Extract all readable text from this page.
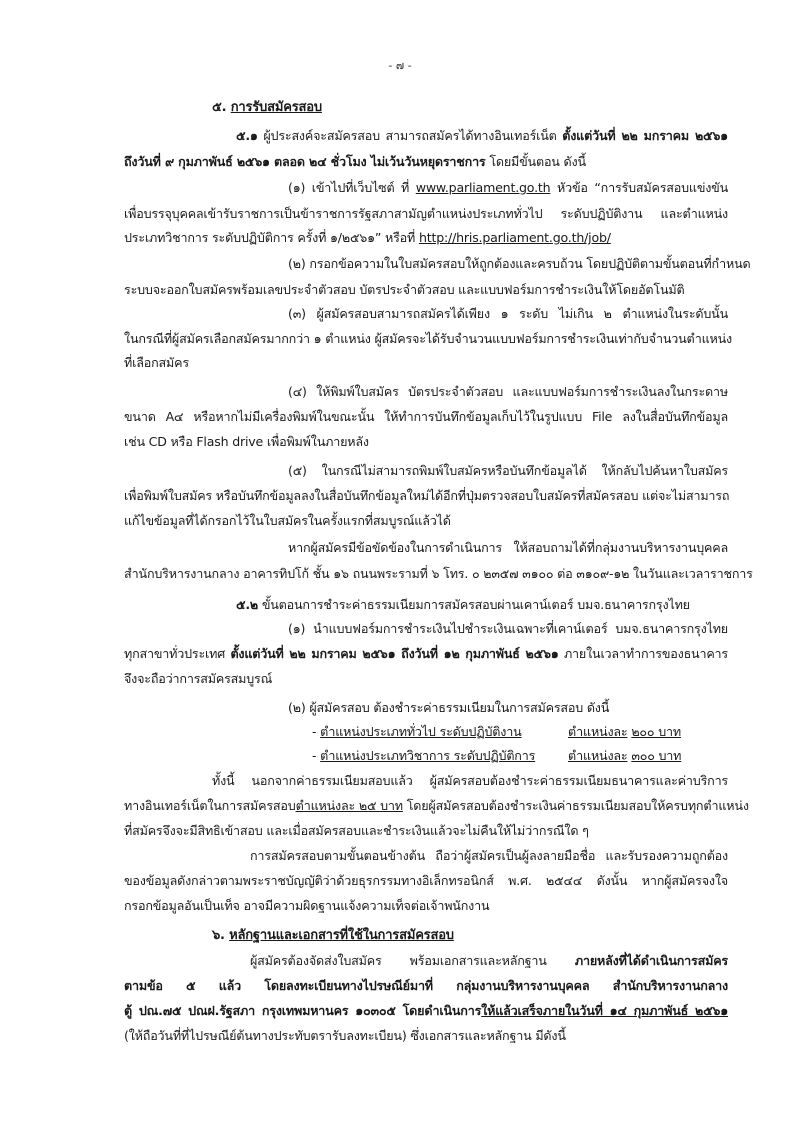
- ๗ -
๕. การรับสมัครสอบ
๕.๑ ผู้ประสงค์จะสมัครสอบ สามารถสมัครได้ทางอินเทอร์เน็ต ตั้งแต่วันที่ ๒๒ มกราคม ๒๕๖๑
ถึงวันที่ ๙ กุมภาพันธ์ ๒๕๖๑ ตลอด ๒๔ ชั่วโมง ไม่เว้นวันหยุดราชการ โดยมีขั้นตอน ดังนี้
(๑) เข้าไปที่เว็บไซต์ ที่ www.parliament.go.th หัวข้อ “การรับสมัครสอบแข่งขัน
เพื่อบรรจุบุคคลเข้ารับราชการเป็นข้าราชการรัฐสภาสามัญตำแหน่งประเภททั่วไป ระดับปฏิบัติงาน และตำแหน่ง
ประเภทวิชาการ ระดับปฏิบัติการ ครั้งที่ ๑/๒๕๖๑” หรือที่ http://hris.parliament.go.th/job/
(๒) กรอกข้อความในใบสมัครสอบให้ถูกต้องและครบถ้วน โดยปฏิบัติตามขั้นตอนที่กำหนด
ระบบจะออกใบสมัครพร้อมเลขประจำตัวสอบ บัตรประจำตัวสอบ และแบบฟอร์มการชำระเงินให้โดยอัตโนมัติ
(๓) ผู้สมัครสอบสามารถสมัครได้เพียง ๑ ระดับ ไม่เกิน ๒ ตำแหน่งในระดับนั้น
ในกรณีที่ผู้สมัครเลือกสมัครมากกว่า ๑ ตำแหน่ง ผู้สมัครจะได้รับจำนวนแบบฟอร์มการชำระเงินเท่ากับจำนวนตำแหน่ง
ที่เลือกสมัคร
(๔) ให้พิมพ์ใบสมัคร บัตรประจำตัวสอบ และแบบฟอร์มการชำระเงินลงในกระดาษ
ขนาด A๔ หรือหากไม่มีเครื่องพิมพ์ในขณะนั้น ให้ทำการบันทึกข้อมูลเก็บไว้ในรูปแบบ File ลงในสื่อบันทึกข้อมูล
เช่น CD หรือ Flash drive เพื่อพิมพ์ในภายหลัง
(๕) ในกรณีไม่สามารถพิมพ์ใบสมัครหรือบันทึกข้อมูลได้ ให้กลับไปค้นหาใบสมัคร
เพื่อพิมพ์ใบสมัคร หรือบันทึกข้อมูลลงในสื่อบันทึกข้อมูลใหม่ได้อีกที่ปุ่มตรวจสอบใบสมัครที่สมัครสอบ แต่จะไม่สามารถ
แก้ไขข้อมูลที่ได้กรอกไว้ในใบสมัครในครั้งแรกที่สมบูรณ์แล้วได้
หากผู้สมัครมีข้อขัดข้องในการดำเนินการ ให้สอบถามได้ที่กลุ่มงานบริหารงานบุคคล
สำนักบริหารงานกลาง อาคารทิปโก้ ชั้น ๑๖ ถนนพระรามที่ ๖ โทร. ๐ ๒๓๕๗ ๓๑๐๐ ต่อ ๓๑๐๙-๑๒ ในวันและเวลาราชการ
๕.๒ ขั้นตอนการชำระค่าธรรมเนียมการสมัครสอบผ่านเคาน์เตอร์ บมจ.ธนาคารกรุงไทย
(๑) นำแบบฟอร์มการชำระเงินไปชำระเงินเฉพาะที่เคาน์เตอร์ บมจ.ธนาคารกรุงไทย
ทุกสาขาทั่วประเทศ ตั้งแต่วันที่ ๒๒ มกราคม ๒๕๖๑ ถึงวันที่ ๑๒ กุมภาพันธ์ ๒๕๖๑ ภายในเวลาทำการของธนาคาร
จึงจะถือว่าการสมัครสมบูรณ์
(๒) ผู้สมัครสอบ ต้องชำระค่าธรรมเนียมในการสมัครสอบ ดังนี้
- ตำแหน่งประเภททั่วไป ระดับปฏิบัติงาน	ตำแหน่งละ ๒๐๐ บาท
- ตำแหน่งประเภทวิชาการ ระดับปฏิบัติการ	ตำแหน่งละ ๓๐๐ บาท
ทั้งนี้ นอกจากค่าธรรมเนียมสอบแล้ว ผู้สมัครสอบต้องชำระค่าธรรมเนียมธนาคารและค่าบริการ
ทางอินเทอร์เน็ตในการสมัครสอบตำแหน่งละ ๒๕ บาท โดยผู้สมัครสอบต้องชำระเงินค่าธรรมเนียมสอบให้ครบทุกตำแหน่ง
ที่สมัครจึงจะมีสิทธิเข้าสอบ และเมื่อสมัครสอบและชำระเงินแล้วจะไม่คืนให้ไม่ว่ากรณีใด ๆ
การสมัครสอบตามขั้นตอนข้างต้น ถือว่าผู้สมัครเป็นผู้ลงลายมือชื่อ และรับรองความถูกต้อง
ของข้อมูลดังกล่าวตามพระราชบัญญัติว่าด้วยธุรกรรมทางอิเล็กทรอนิกส์ พ.ศ. ๒๕๔๔ ดังนั้น หากผู้สมัครจงใจ
กรอกข้อมูลอันเป็นเท็จ อาจมีความผิดฐานแจ้งความเท็จต่อเจ้าพนักงาน
๖. หลักฐานและเอกสารที่ใช้ในการสมัครสอบ
ผู้สมัครต้องจัดส่งใบสมัคร พร้อมเอกสารและหลักฐาน ภายหลังที่ได้ดำเนินการสมัคร
ตามข้อ ๕ แล้ว โดยลงทะเบียนทางไปรษณีย์มาที่ กลุ่มงานบริหารงานบุคคล สำนักบริหารงานกลาง
ตู้ ปณ.๗๕ ปณฝ.รัฐสภา กรุงเทพมหานคร ๑๐๓๐๕ โดยดำเนินการให้แล้วเสร็จภายในวันที่ ๑๔ กุมภาพันธ์ ๒๕๖๑
(ให้ถือวันที่ที่ไปรษณีย์ต้นทางประทับตรารับลงทะเบียน) ซึ่งเอกสารและหลักฐาน มีดังนี้
